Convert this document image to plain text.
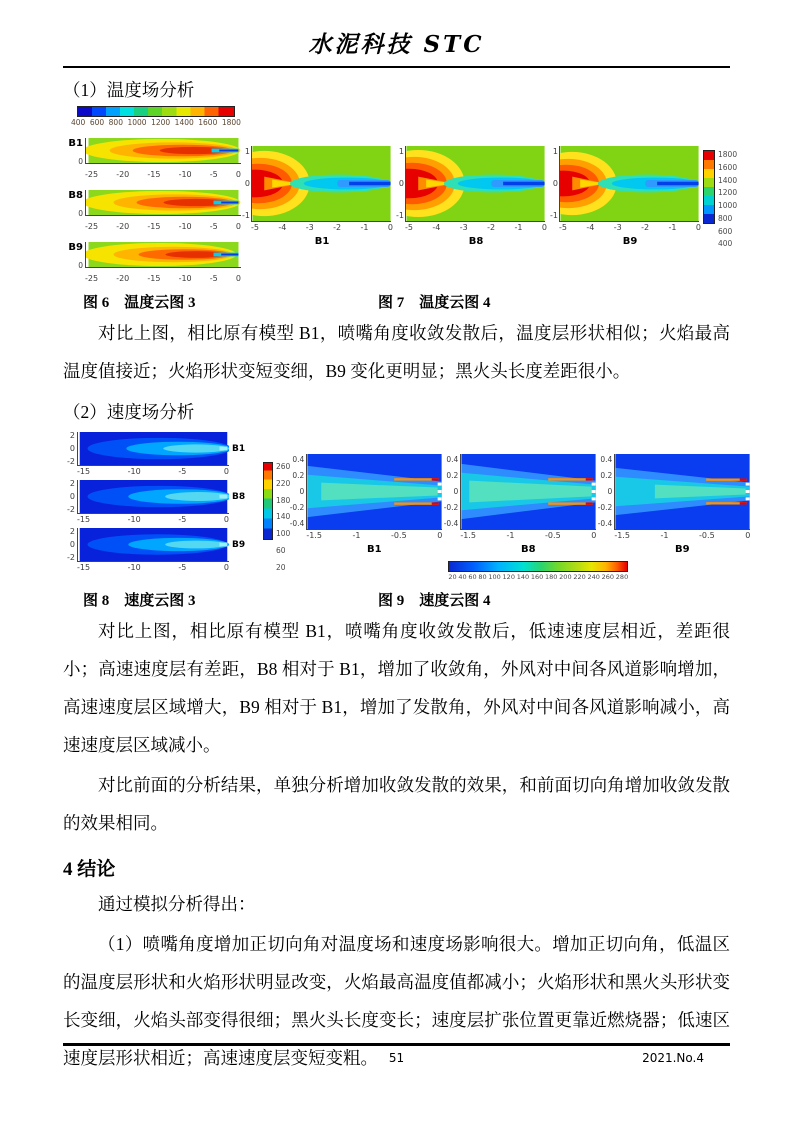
水泥科技 STC
（1）温度场分析
400 600 800 1000 1200 1400 1600 1800
B1 0
-25 -20 -15 -10 -5 0
B8 0
-25 -20 -15 -10 -5 0
B9 0
-25 -20 -15 -10 -5 0
1
0
-1
-5 -4 -3 -2 -1 0
B1
1
0
-1
-5 -4 -3 -2 -1 0
B8
1
0
-1
-5 -4 -3 -2 -1 0
B9
1800
1600
1400
1200
1000
800
600
400
图 6　温度云图 3	图 7　温度云图 4

对比上图，相比原有模型 B1，喷嘴角度收敛发散后，温度层形状相似；火焰最高温度值接近；火焰形状变短变细，B9 变化更明显；黑火头长度差距很小。

（2）速度场分析
2
0
-2
B1
-15	-10	-5	0
2
0
-2
B8
-15	-10	-5	0
2
0
-2
B9
-15	-10	-5	0
260
220
180
140
100
60
20
0.4
0.2
0
-0.2
-0.4
-1.5	-1	-0.5	0
B1
0.4
0.2
0
-0.2
-0.4
-1.5	-1	-0.5	0
B8
0.4
0.2
0
-0.2
-0.4
-1.5	-1	-0.5	0
B9
20 40 60 80 100 120 140 160 180 200 220 240 260 280
图 8　速度云图 3	图 9　速度云图 4

对比上图，相比原有模型 B1，喷嘴角度收敛发散后，低速速度层相近，差距很小；高速速度层有差距，B8 相对于 B1，增加了收敛角，外风对中间各风道影响增加，高速速度层区域增大，B9 相对于 B1，增加了发散角，外风对中间各风道影响减小，高速速度层区域减小。

对比前面的分析结果，单独分析增加收敛发散的效果，和前面切向角增加收敛发散的效果相同。

4 结论

通过模拟分析得出：

（1）喷嘴角度增加正切向角对温度场和速度场影响很大。增加正切向角，低温区的温度层形状和火焰形状明显改变，火焰最高温度值都减小；火焰形状和黑火头形状变长变细，火焰头部变得很细；黑火头长度变长；速度层扩张位置更靠近燃烧器；低速区速度层形状相近；高速速度层变短变粗。 51	2021.No.4
